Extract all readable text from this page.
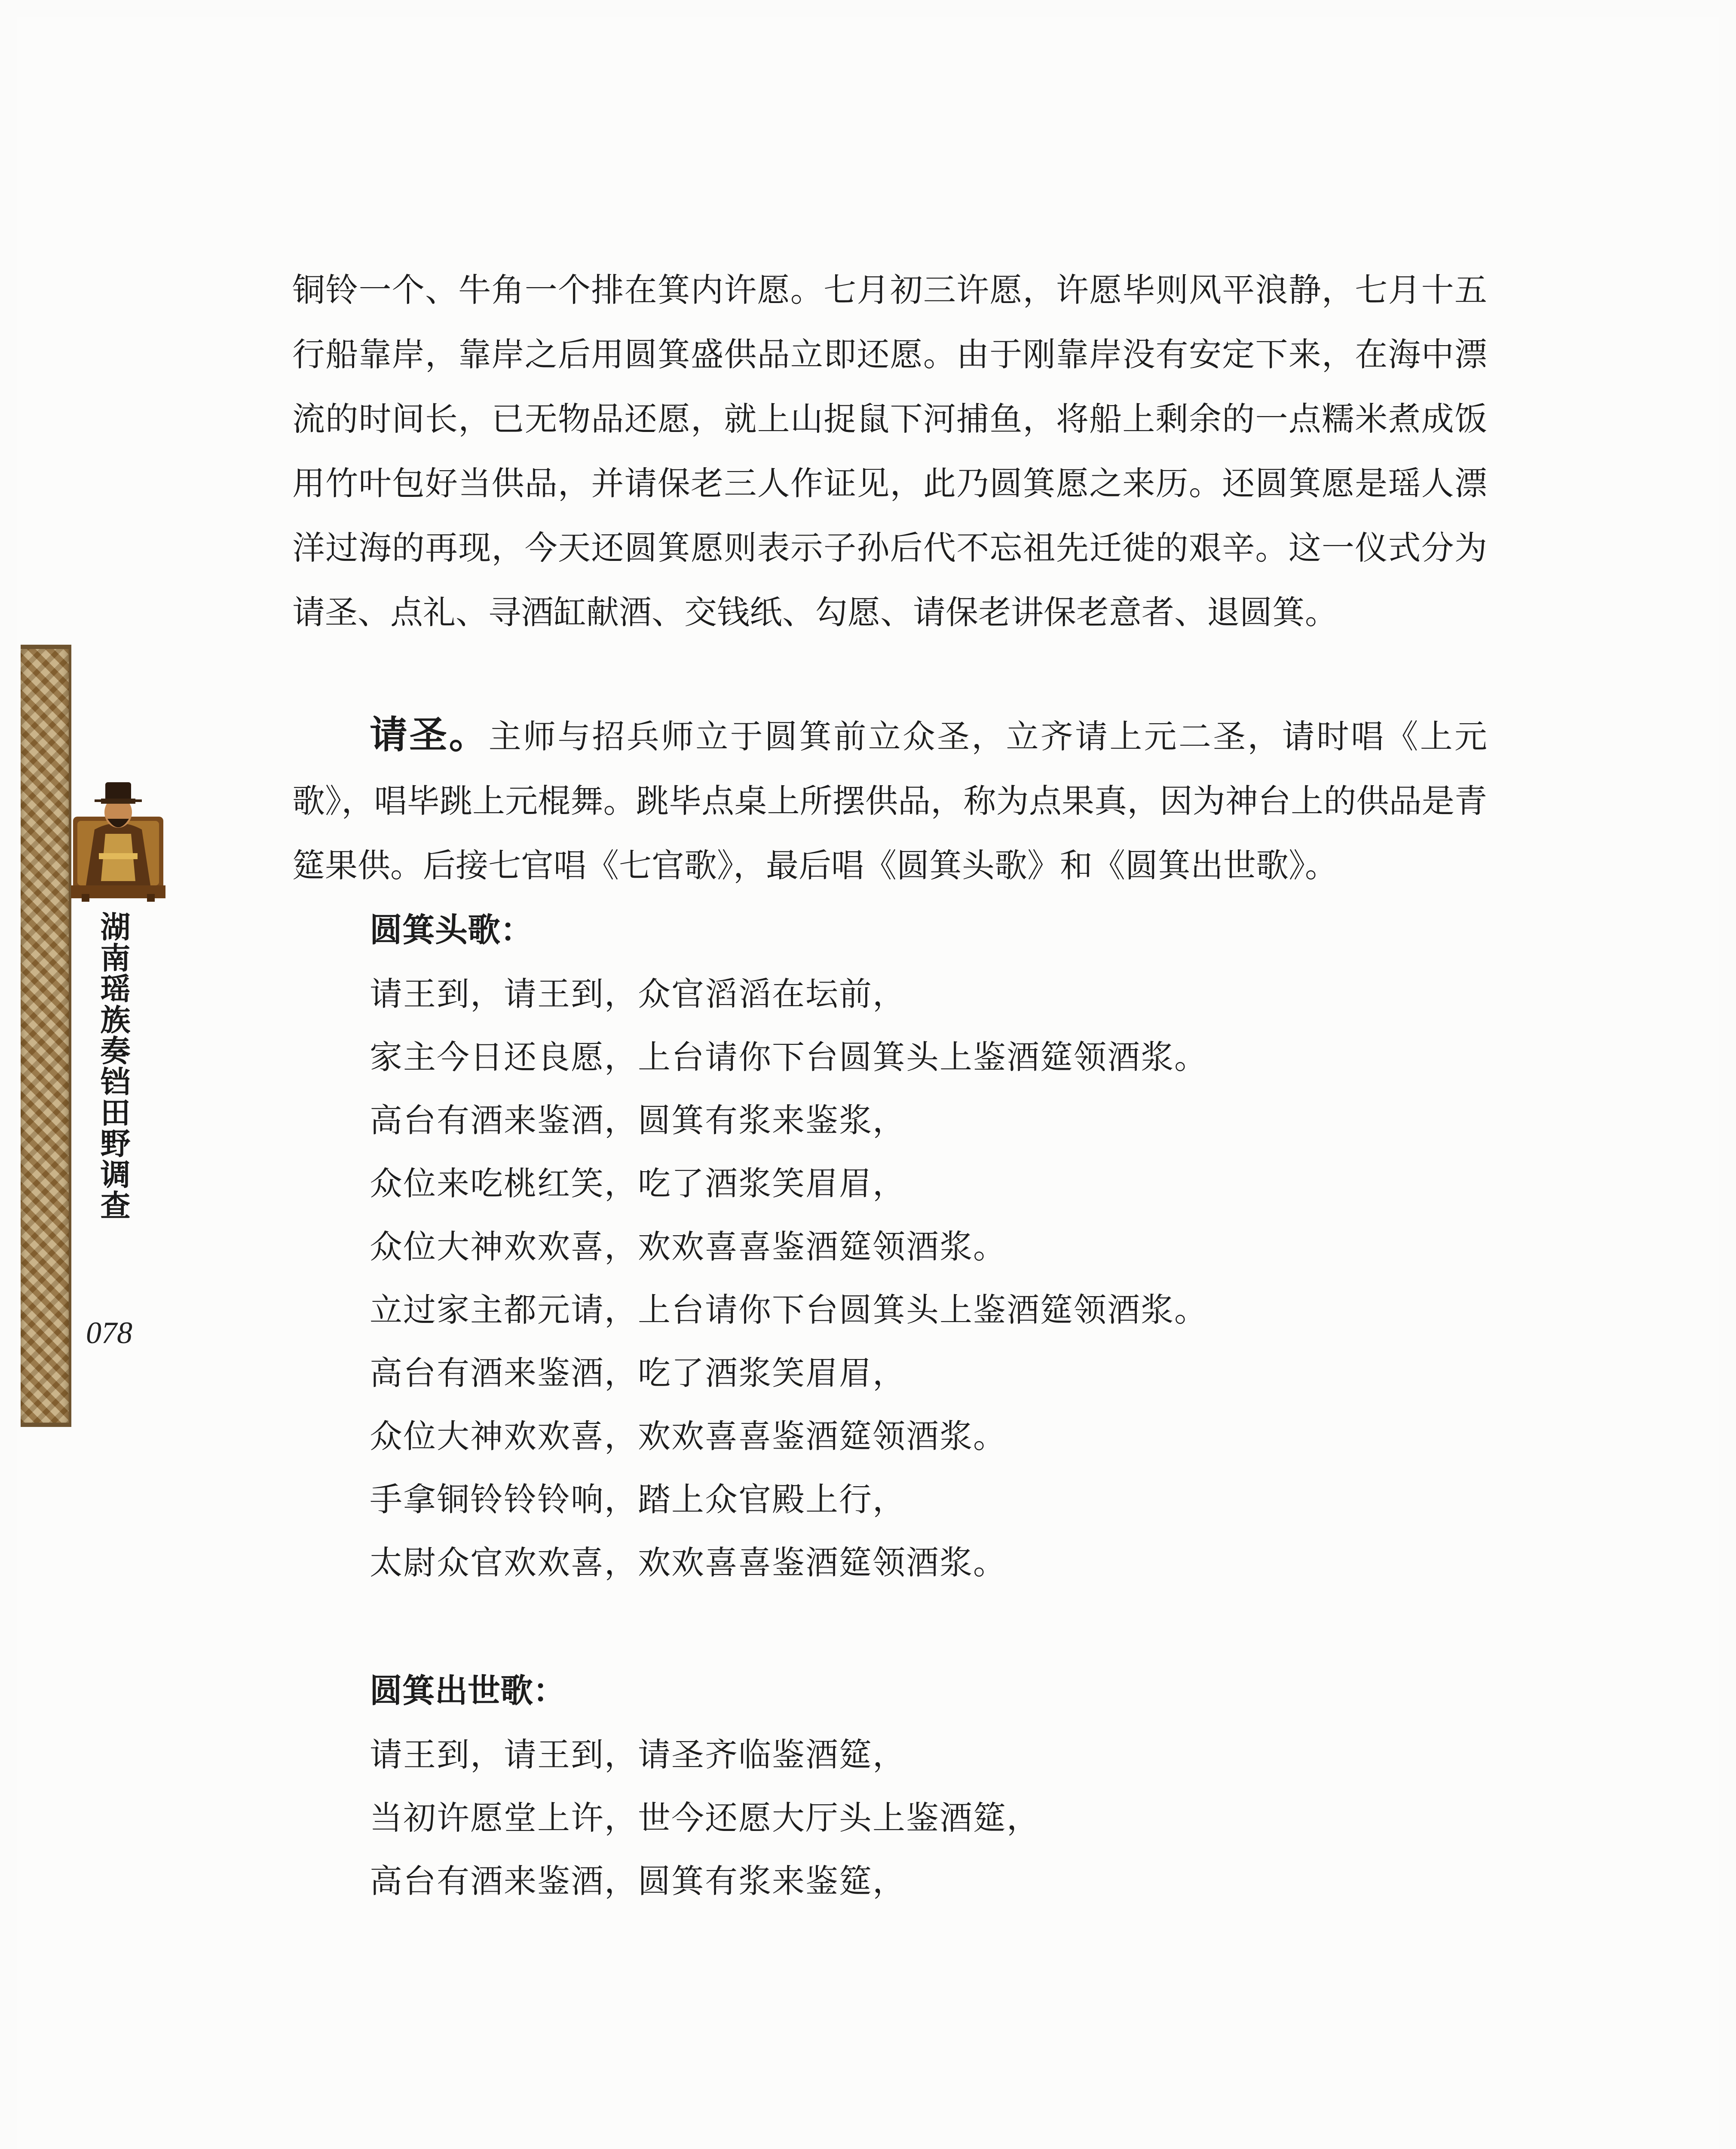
湖南瑶族奏铛田野调查
078

铜铃一个、牛角一个排在箕内许愿。七月初三许愿，许愿毕则风平浪静，七月十五行船靠岸，靠岸之后用圆箕盛供品立即还愿。由于刚靠岸没有安定下来，在海中漂流的时间长，已无物品还愿，就上山捉鼠下河捕鱼，将船上剩余的一点糯米煮成饭用竹叶包好当供品，并请保老三人作证见，此乃圆箕愿之来历。还圆箕愿是瑶人漂洋过海的再现，今天还圆箕愿则表示子孙后代不忘祖先迁徙的艰辛。这一仪式分为请圣、点礼、寻酒缸献酒、交钱纸、勾愿、请保老讲保老意者、退圆箕。

请圣。主师与招兵师立于圆箕前立众圣，立齐请上元二圣，请时唱《上元歌》，唱毕跳上元棍舞。跳毕点桌上所摆供品，称为点果真，因为神台上的供品是青筵果供。后接七官唱《七官歌》，最后唱《圆箕头歌》和《圆箕出世歌》。

圆箕头歌：

请王到，请王到，众官滔滔在坛前，

家主今日还良愿，上台请你下台圆箕头上鉴酒筵领酒浆。

高台有酒来鉴酒，圆箕有浆来鉴浆，

众位来吃桃红笑，吃了酒浆笑眉眉，

众位大神欢欢喜，欢欢喜喜鉴酒筵领酒浆。

立过家主都元请，上台请你下台圆箕头上鉴酒筵领酒浆。

高台有酒来鉴酒，吃了酒浆笑眉眉，

众位大神欢欢喜，欢欢喜喜鉴酒筵领酒浆。

手拿铜铃铃铃响，踏上众官殿上行，

太尉众官欢欢喜，欢欢喜喜鉴酒筵领酒浆。

圆箕出世歌：

请王到，请王到，请圣齐临鉴酒筵，

当初许愿堂上许，世今还愿大厅头上鉴酒筵，

高台有酒来鉴酒，圆箕有浆来鉴筵，
